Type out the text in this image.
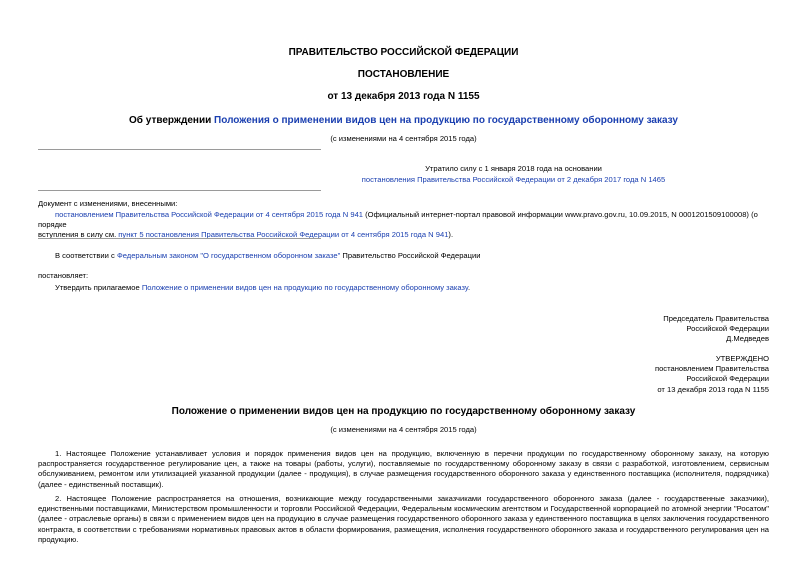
ПРАВИТЕЛЬСТВО РОССИЙСКОЙ ФЕДЕРАЦИИ
ПОСТАНОВЛЕНИЕ
от 13 декабря 2013 года N 1155
Об утверждении Положения о применении видов цен на продукцию по государственному оборонному заказу
(с изменениями на 4 сентября 2015 года)
Утратило силу с 1 января 2018 года на основании
постановления Правительства Российской Федерации от 2 декабря 2017 года N 1465
Документ с изменениями, внесенными:
постановлением Правительства Российской Федерации от 4 сентября 2015 года N 941 (Официальный интернет-портал правовой информации www.pravo.gov.ru, 10.09.2015, N 0001201509100008) (о порядке
вступления в силу см. пункт 5 постановления Правительства Российской Федерации от 4 сентября 2015 года N 941).
В соответствии с Федеральным законом "О государственном оборонном заказе" Правительство Российской Федерации
постановляет:
Утвердить прилагаемое Положение о применении видов цен на продукцию по государственному оборонному заказу.
Председатель Правительства
Российской Федерации
Д.Медведев
УТВЕРЖДЕНО
постановлением Правительства
Российской Федерации
от 13 декабря 2013 года N 1155
Положение о применении видов цен на продукцию по государственному оборонному заказу
(с изменениями на 4 сентября 2015 года)
1. Настоящее Положение устанавливает условия и порядок применения видов цен на продукцию, включенную в перечни продукции по государственному оборонному заказу, на которую распространяется государственное регулирование цен, а также на товары (работы, услуги), поставляемые по государственному оборонному заказу в связи с разработкой, изготовлением, сервисным обслуживанием, ремонтом или утилизацией указанной продукции (далее - продукция), в случае размещения государственного оборонного заказа у единственного поставщика (исполнителя, подрядчика) (далее - единственный поставщик).
2. Настоящее Положение распространяется на отношения, возникающие между государственными заказчиками государственного оборонного заказа (далее - государственные заказчики), единственными поставщиками, Министерством промышленности и торговли Российской Федерации, Федеральным космическим агентством и Государственной корпорацией по атомной энергии "Росатом" (далее - отраслевые органы) в связи с применением видов цен на продукцию в случае размещения государственного оборонного заказа у единственного поставщика в целях заключения государственного контракта, в соответствии с требованиями нормативных правовых актов в области формирования, размещения, исполнения государственного оборонного заказа и государственного регулирования цен на продукцию.
